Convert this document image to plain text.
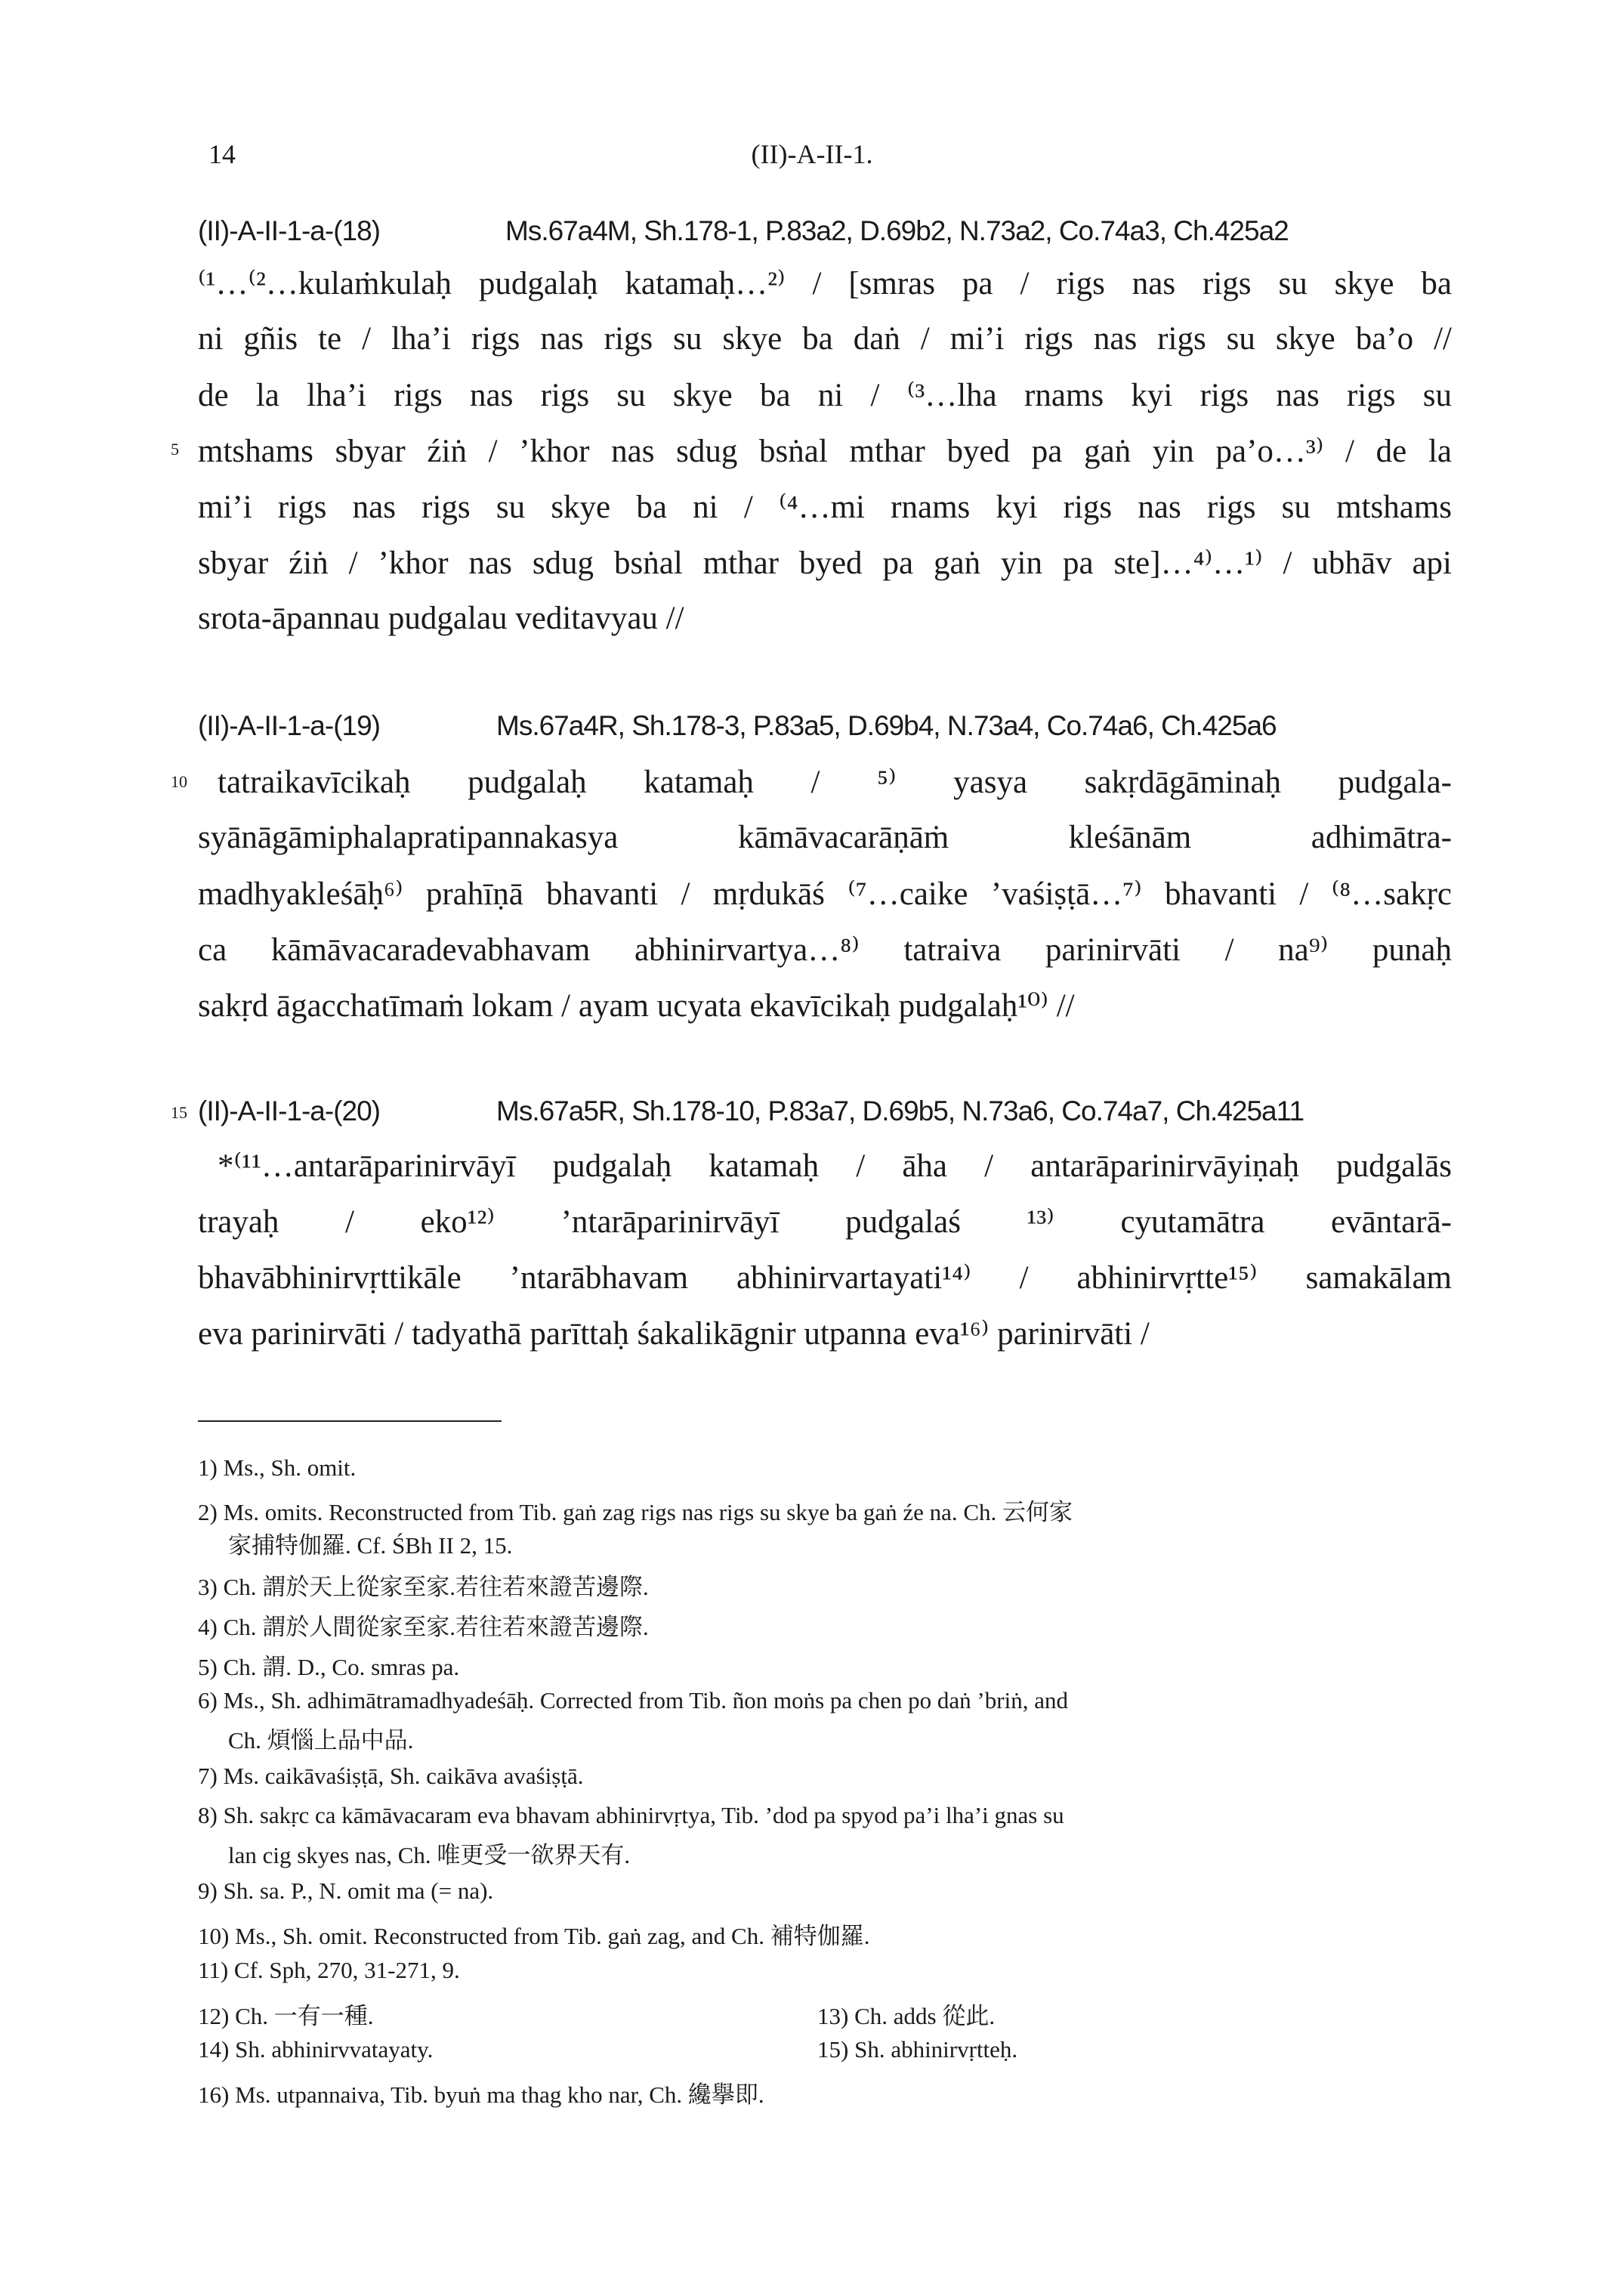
14	(II)-A-II-1.
(II)-A-II-1-a-(18)	Ms.67a4M, Sh.178-1, P.83a2, D.69b2, N.73a2, Co.74a3, Ch.425a2
⁽¹…⁽²…kulaṁkulaḥ pudgalaḥ katamaḥ…²⁾ / [smras pa / rigs nas rigs su skye ba
ni gñis te / lha’i rigs nas rigs su skye ba daṅ / mi’i rigs nas rigs su skye ba’o //
de la lha’i rigs nas rigs su skye ba ni / ⁽³…lha rnams kyi rigs nas rigs su
5 mtshams sbyar źiṅ / ’khor nas sdug bsṅal mthar byed pa gaṅ yin pa’o…³⁾ / de la
mi’i rigs nas rigs su skye ba ni / ⁽⁴…mi rnams kyi rigs nas rigs su mtshams
sbyar źiṅ / ’khor nas sdug bsṅal mthar byed pa gaṅ yin pa ste]…⁴⁾…¹⁾ / ubhāv api
srota-āpannau pudgalau veditavyau //
(II)-A-II-1-a-(19)	Ms.67a4R, Sh.178-3, P.83a5, D.69b4, N.73a4, Co.74a6, Ch.425a6
10 tatraikavīcikaḥ pudgalaḥ katamaḥ / ⁵⁾ yasya sakṛdāgāminaḥ pudgala-
syānāgāmiphalapratipannakasya kāmāvacarāṇāṁ kleśānām adhimātra-
madhyakleśāḥ⁶⁾ prahīṇā bhavanti / mṛdukāś ⁽⁷…caike ’vaśiṣṭā…⁷⁾ bhavanti / ⁽⁸…sakṛc
ca kāmāvacaradevabhavam abhinirvartya…⁸⁾ tatraiva parinirvāti / na⁹⁾ punaḥ
sakṛd āgacchatīmaṁ lokam / ayam ucyata ekavīcikaḥ pudgalaḥ¹⁰⁾ //
15 (II)-A-II-1-a-(20)	Ms.67a5R, Sh.178-10, P.83a7, D.69b5, N.73a6, Co.74a7, Ch.425a11
*⁽¹¹…antarāparinirvāyī pudgalaḥ katamaḥ / āha / antarāparinirvāyiṇaḥ pudgalās
trayaḥ / eko¹²⁾ ’ntarāparinirvāyī pudgalaś ¹³⁾ cyutamātra evāntarā-
bhavābhinirvṛttikāle ’ntarābhavam abhinirvartayati¹⁴⁾ / abhinirvṛtte¹⁵⁾ samakālam
eva parinirvāti / tadyathā parīttaḥ śakalikāgnir utpanna eva¹⁶⁾ parinirvāti /
1) Ms., Sh. omit.
2) Ms. omits. Reconstructed from Tib. gaṅ zag rigs nas rigs su skye ba gaṅ źe na. Ch. 云何家
家捕特伽羅. Cf. ŚBh II 2, 15.
3) Ch. 謂於天上從家至家.若往若來證苦邊際.
4) Ch. 謂於人間從家至家.若往若來證苦邊際.
5) Ch. 謂. D., Co. smras pa.
6) Ms., Sh. adhimātramadhyadeśāḥ. Corrected from Tib. ñon moṅs pa chen po daṅ ’briṅ, and
Ch. 煩惱上品中品.
7) Ms. caikāvaśiṣṭā, Sh. caikāva avaśiṣṭā.
8) Sh. sakṛc ca kāmāvacaram eva bhavam abhinirvṛtya, Tib. ’dod pa spyod pa’i lha’i gnas su
lan cig skyes nas, Ch. 唯更受一欲界天有.
9) Sh. sa. P., N. omit ma (= na).
10) Ms., Sh. omit. Reconstructed from Tib. gaṅ zag, and Ch. 補特伽羅.
11) Cf. Sph, 270, 31-271, 9.
12) Ch. 一有一種.	13) Ch. adds 從此.
14) Sh. abhinirvvatayaty.	15) Sh. abhinirvṛtteḥ.
16) Ms. utpannaiva, Tib. byuṅ ma thag kho nar, Ch. 纔擧即.
